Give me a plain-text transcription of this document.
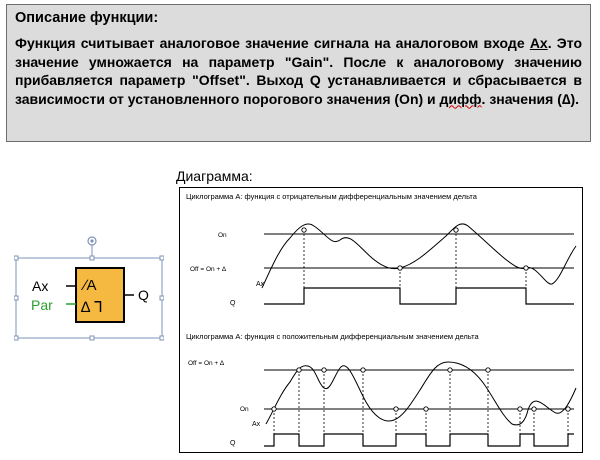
Описание функции:
Функция считывает аналоговое значение сигнала на аналоговом входе Ax. Это значение умножается на параметр "Gain". После к аналоговому значению прибавляется параметр "Offset". Выход Q устанавливается и сбрасывается в зависимости от установленного порогового значения (On) и дифф. значения (∆).
Диаграмма:
Ax
Par
Q
∕A
∆ ⅂
Циклограмма А: функция с отрицательным дифференциальным значением дельта
On
Off = On + ∆
Ax
Q
Циклограмма А: функция с положительным дифференциальным значением дельта
Off = On + ∆
On
Ax
Q
